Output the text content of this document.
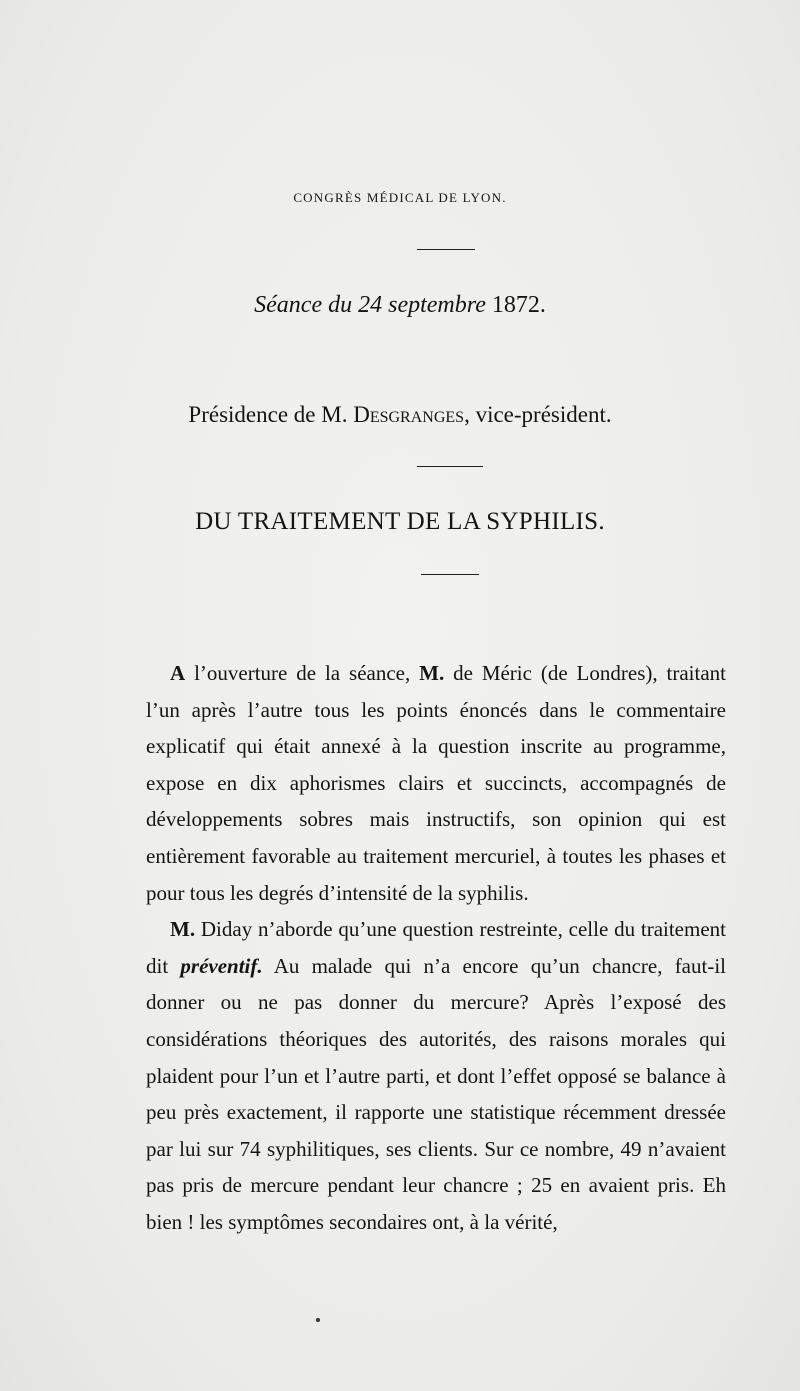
CONGRÈS MÉDICAL DE LYON.
Séance du 24 septembre 1872.
Présidence de M. Desgranges, vice-président.
DU TRAITEMENT DE LA SYPHILIS.

A l’ouverture de la séance, M. de Méric (de Londres), traitant l’un après l’autre tous les points énoncés dans le commentaire explicatif qui était annexé à la question inscrite au programme, expose en dix aphorismes clairs et succincts, accompagnés de développements sobres mais instructifs, son opinion qui est entièrement favorable au traitement mercuriel, à toutes les phases et pour tous les degrés d’intensité de la syphilis.

M. Diday n’aborde qu’une question restreinte, celle du traitement dit préventif. Au malade qui n’a encore qu’un chancre, faut-il donner ou ne pas donner du mercure? Après l’exposé des considérations théoriques des autorités, des raisons morales qui plaident pour l’un et l’autre parti, et dont l’effet opposé se balance à peu près exactement, il rapporte une statistique récemment dressée par lui sur 74 syphilitiques, ses clients. Sur ce nombre, 49 n’avaient pas pris de mercure pendant leur chancre ; 25 en avaient pris. Eh bien ! les symptômes secondaires ont, à la vérité,
